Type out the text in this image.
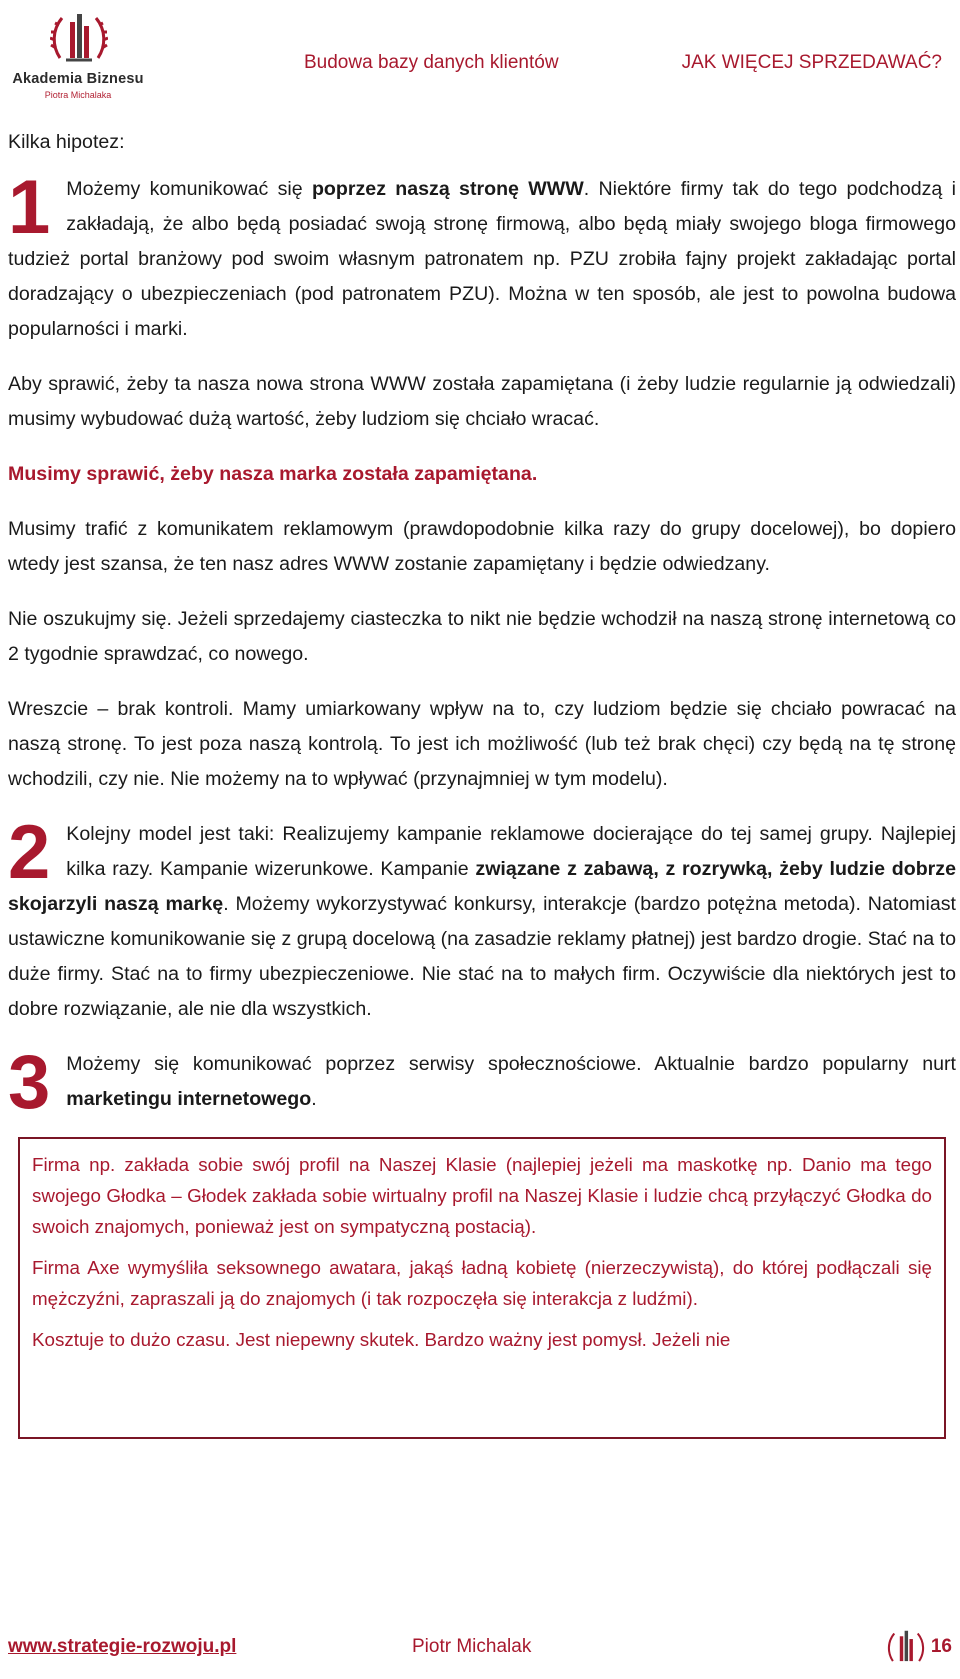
Akademia Biznesu
Piotra Michalaka
Budowa bazy danych klientów	JAK WIĘCEJ SPRZEDAWAĆ?

Kilka hipotez:

1 Możemy komunikować się poprzez naszą stronę WWW. Niektóre firmy tak do tego podchodzą i zakładają, że albo będą posiadać swoją stronę firmową, albo będą miały swojego bloga firmowego tudzież portal branżowy pod swoim własnym patronatem np. PZU zrobiła fajny projekt zakładając portal doradzający o ubezpieczeniach (pod patronatem PZU). Można w ten sposób, ale jest to powolna budowa popularności i marki.

Aby sprawić, żeby ta nasza nowa strona WWW została zapamiętana (i żeby ludzie regularnie ją odwiedzali) musimy wybudować dużą wartość, żeby ludziom się chciało wracać.

Musimy sprawić, żeby nasza marka została zapamiętana.

Musimy trafić z komunikatem reklamowym (prawdopodobnie kilka razy do grupy docelowej), bo dopiero wtedy jest szansa, że ten nasz adres WWW zostanie zapamiętany i będzie odwiedzany.

Nie oszukujmy się. Jeżeli sprzedajemy ciasteczka to nikt nie będzie wchodził na naszą stronę internetową co 2 tygodnie sprawdzać, co nowego.

Wreszcie – brak kontroli. Mamy umiarkowany wpływ na to, czy ludziom będzie się chciało powracać na naszą stronę. To jest poza naszą kontrolą. To jest ich możliwość (lub też brak chęci) czy będą na tę stronę wchodzili, czy nie. Nie możemy na to wpływać (przynajmniej w tym modelu).

2 Kolejny model jest taki: Realizujemy kampanie reklamowe docierające do tej samej grupy. Najlepiej kilka razy. Kampanie wizerunkowe. Kampanie związane z zabawą, z rozrywką, żeby ludzie dobrze skojarzyli naszą markę. Możemy wykorzystywać konkursy, interakcje (bardzo potężna metoda). Natomiast ustawiczne komunikowanie się z grupą docelową (na zasadzie reklamy płatnej) jest bardzo drogie. Stać na to duże firmy. Stać na to firmy ubezpieczeniowe. Nie stać na to małych firm. Oczywiście dla niektórych jest to dobre rozwiązanie, ale nie dla wszystkich.

3 Możemy się komunikować poprzez serwisy społecznościowe. Aktualnie bardzo popularny nurt marketingu internetowego.

Firma np. zakłada sobie swój profil na Naszej Klasie (najlepiej jeżeli ma maskotkę np. Danio ma tego swojego Głodka – Głodek zakłada sobie wirtualny profil na Naszej Klasie i ludzie chcą przyłączyć Głodka do swoich znajomych, ponieważ jest on sympatyczną postacią).

Firma Axe wymyśliła seksownego awatara, jakąś ładną kobietę (nierzeczywistą), do której podłączali się mężczyźni, zapraszali ją do znajomych (i tak rozpoczęła się interakcja z ludźmi).

Kosztuje to dużo czasu. Jest niepewny skutek. Bardzo ważny jest pomysł. Jeżeli nie

www.strategie-rozwoju.pl	Piotr Michalak	16
